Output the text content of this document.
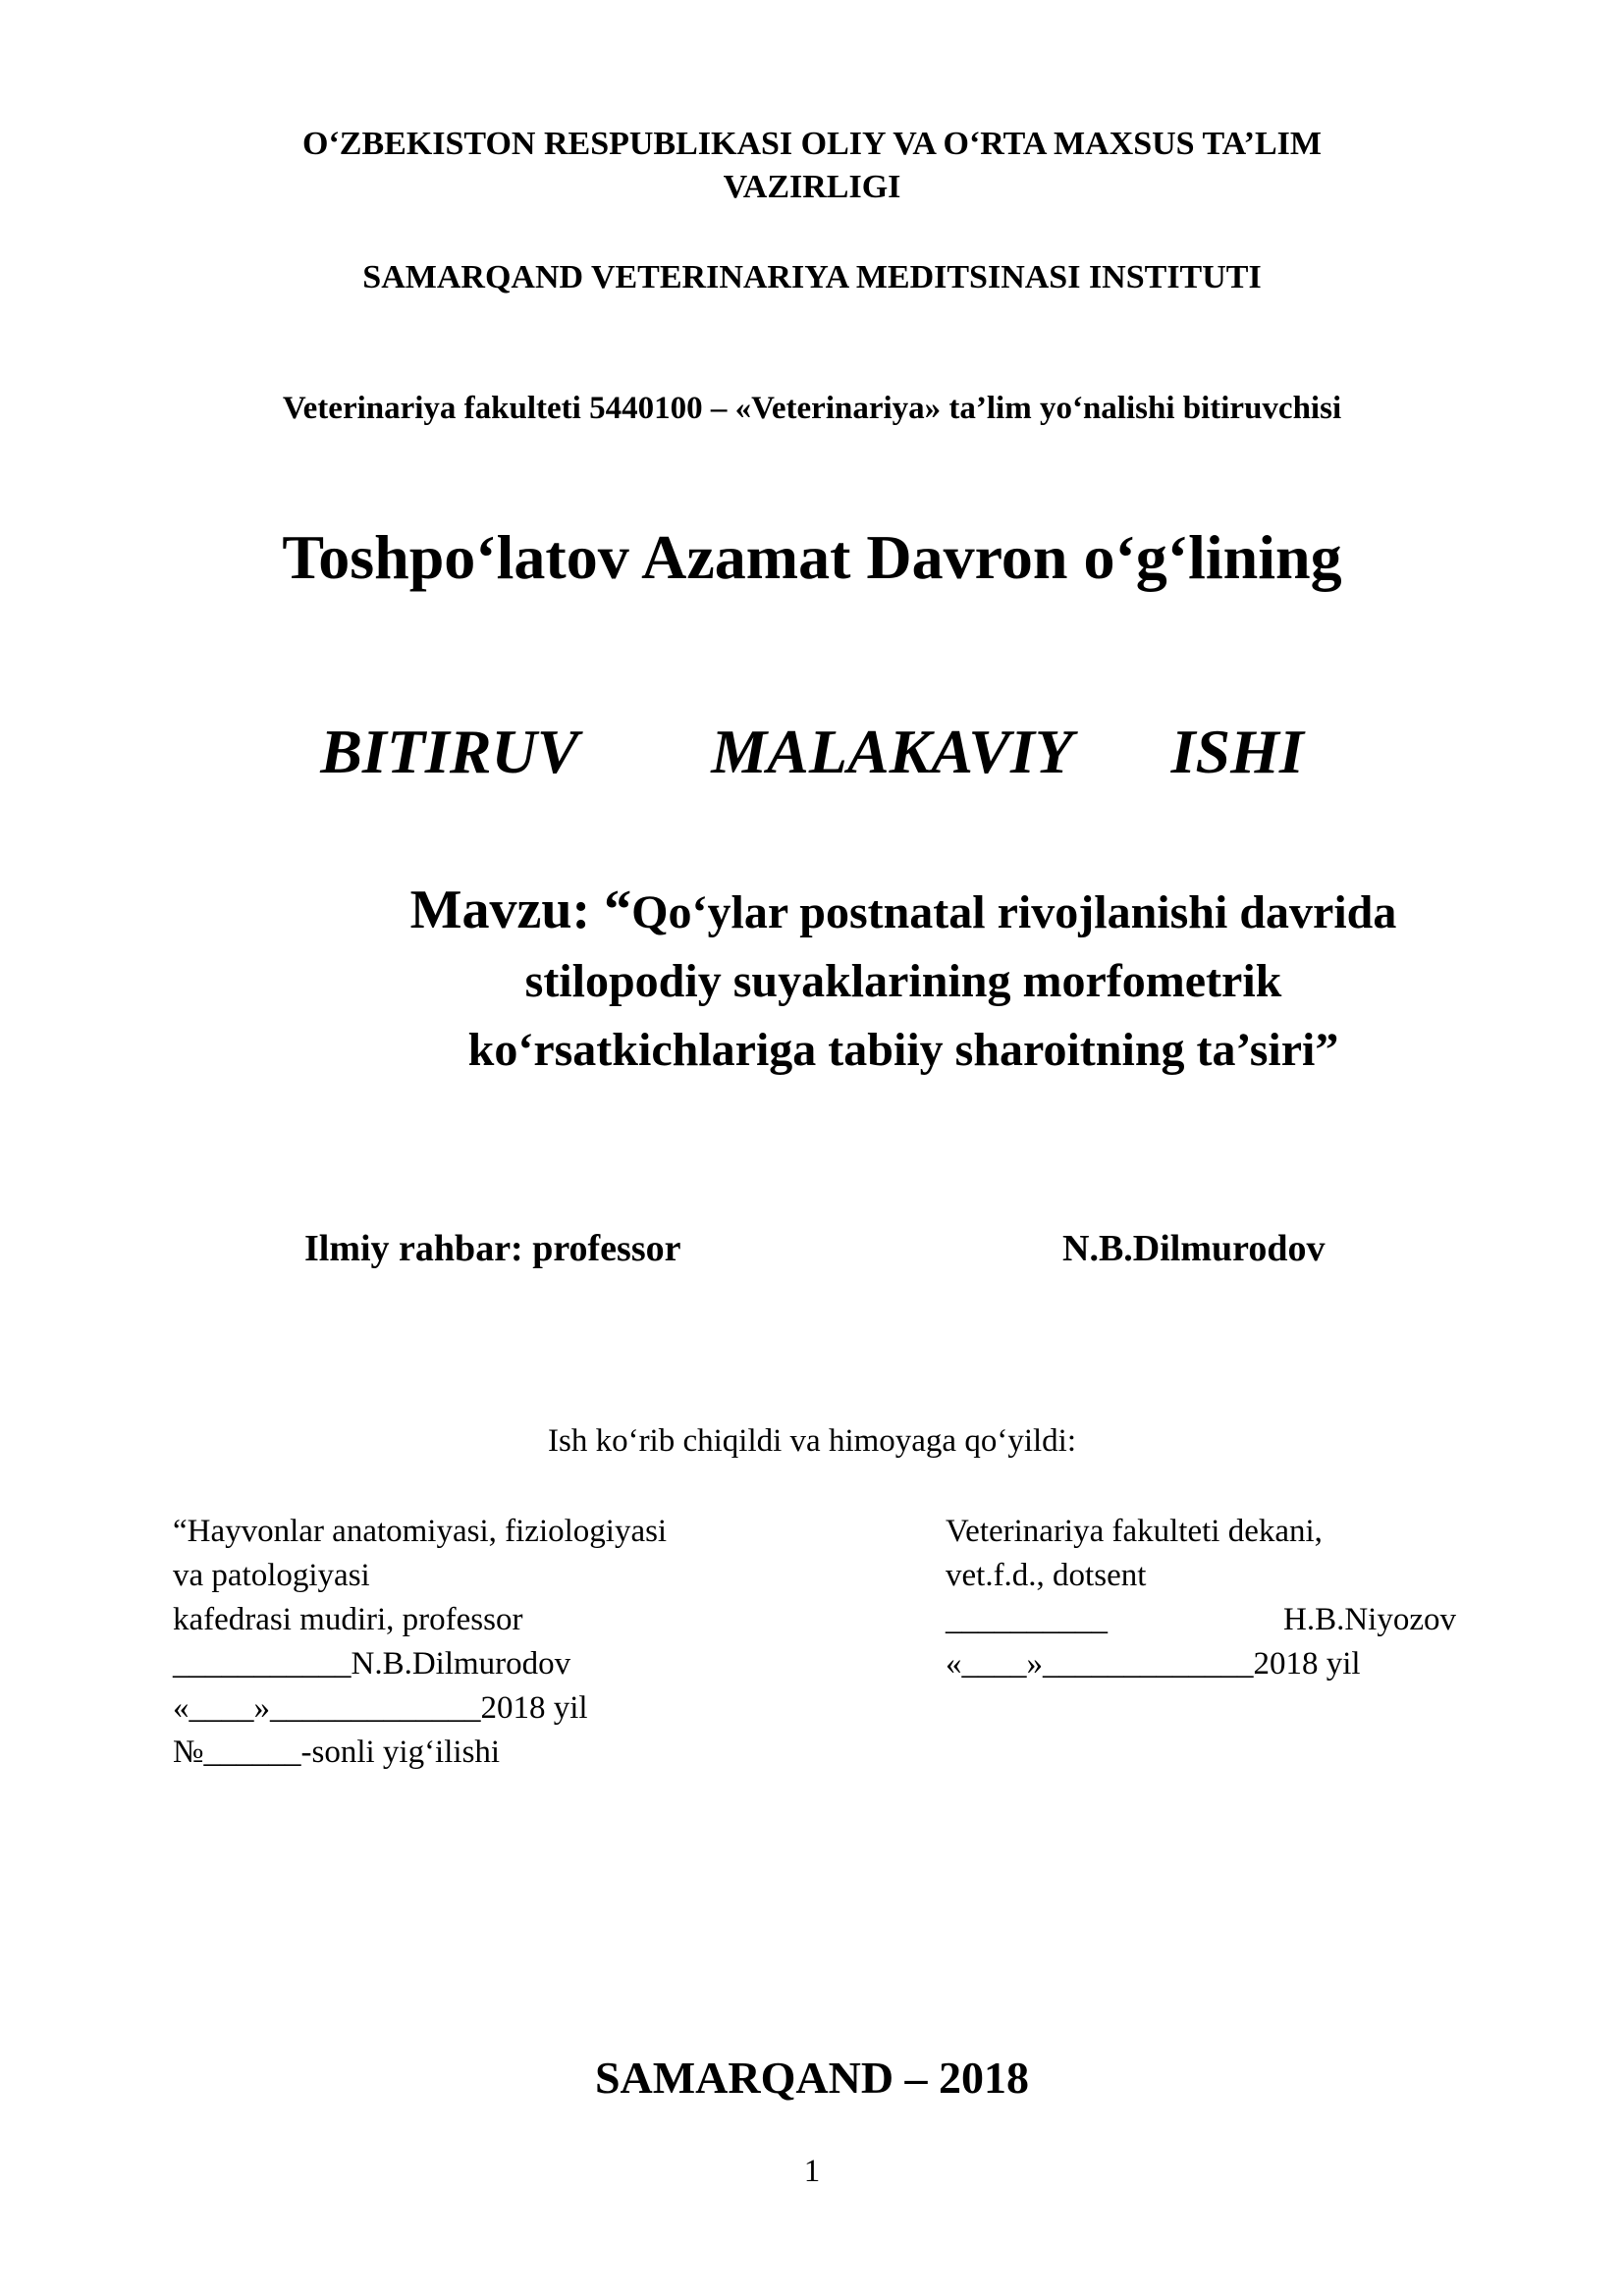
O‘ZBEKISTON RESPUBLIKASI OLIY VA O‘RTA MAXSUS TA’LIM
VAZIRLIGI
SAMARQAND VETERINARIYA MEDITSINASI INSTITUTI
Veterinariya fakulteti 5440100 – «Veterinariya» ta’lim yo‘nalishi bitiruvchisi
Toshpo‘latov Azamat Davron o‘g‘lining
BITIRUV    MALAKAVIY   ISHI
Mavzu: “Qo‘ylar postnatal rivojlanishi davrida
stilopodiy suyaklarining morfometrik
ko‘rsatkichlariga tabiiy sharoitning ta’siri”
Ilmiy rahbar: professor	N.B.Dilmurodov
Ish ko‘rib chiqildi va himoyaga qo‘yildi:
“Hayvonlar anatomiyasi, fiziologiyasi
va patologiyasi
kafedrasi mudiri, professor
___________N.B.Dilmurodov
«____»_____________2018 yil
№______-sonli yig‘ilishi
Veterinariya fakulteti dekani,
vet.f.d., dotsent
__________	H.B.Niyozov
«____»_____________2018 yil
SAMARQAND – 2018
1
